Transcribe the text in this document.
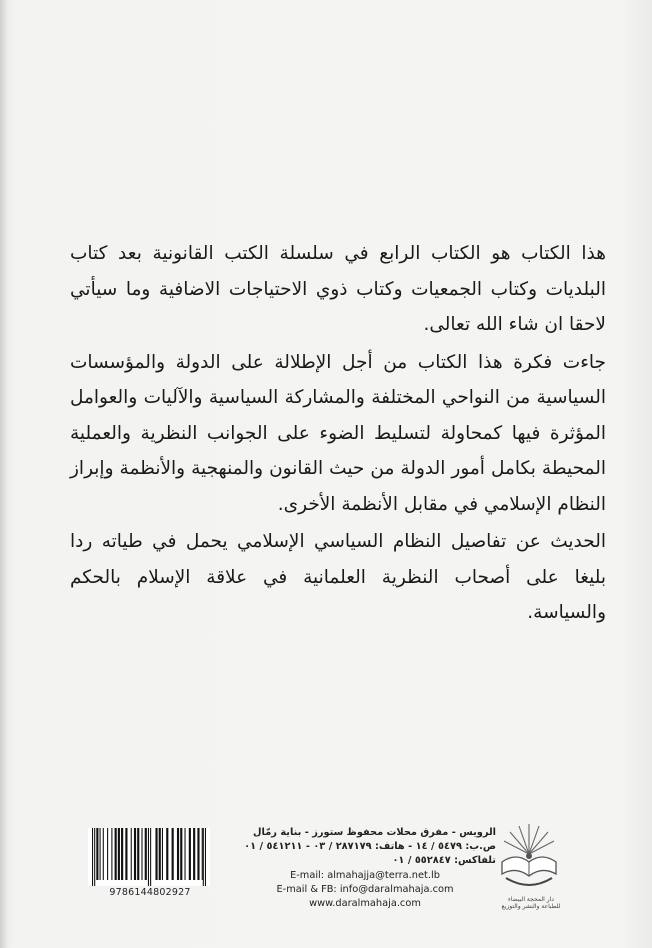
هذا الكتاب هو الكتاب الرابع في سلسلة الكتب القانونية بعد كتاب البلديات وكتاب الجمعيات وكتاب ذوي الاحتياجات الاضافية وما سيأتي لاحقا ان شاء الله تعالى.

جاءت فكرة هذا الكتاب من أجل الإطلالة على الدولة والمؤسسات السياسية من النواحي المختلفة والمشاركة السياسية والآليات والعوامل المؤثرة فيها كمحاولة لتسليط الضوء على الجوانب النظرية والعملية المحيطة بكامل أمور الدولة من حيث القانون والمنهجية والأنظمة وإبراز النظام الإسلامي في مقابل الأنظمة الأخرى.

الحديث عن تفاصيل النظام السياسي الإسلامي يحمل في طياته ردا بليغا على أصحاب النظرية العلمانية في علاقة الإسلام بالحكم والسياسة.

9786144802927
الرويس - مفرق محلات محفوظ ستورز - بناية رمّال
ص.ب: ٥٤٧٩ / ١٤ - هاتف: ٢٨٧١٧٩ / ٠٣ - ٥٤١٢١١ / ٠١
تلفاكس: ٥٥٢٨٤٧ / ٠١
E-mail: almahajja@terra.net.lb
E-mail & FB: info@daralmahaja.com
www.daralmahaja.com	دار المحجة البيضاء
للطباعة والنشر والتوزيع
